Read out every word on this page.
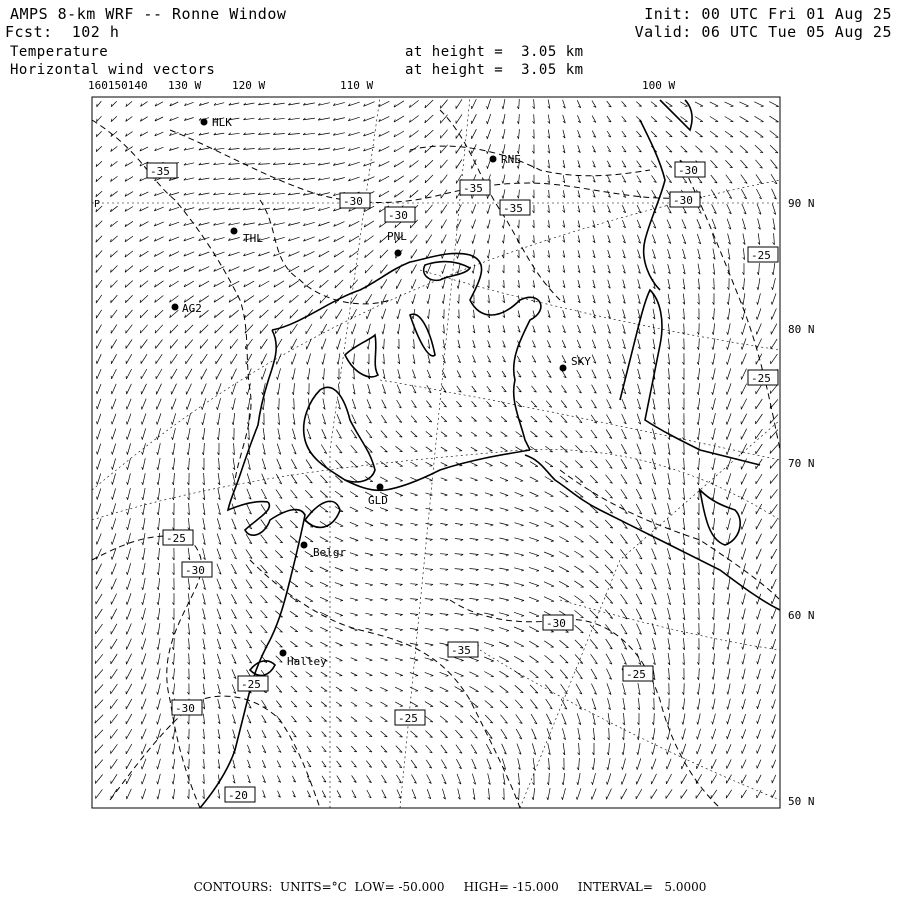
HLK
RNE
THL	PNL
AG2
SKY
GLD
Belgr
Halley
-35
-35
-30
-30
-35
-30
-30
-25
-25
-30
-30
-35
-25
-25
-30
-25
-25
-20
160150140 130 W	120 W	110 W	100 W
90 N
80 N
70 N
60 N
50 N
P
AMPS 8-km WRF -- Ronne Window
Fcst:  102 h
Init: 00 UTC Fri 01 Aug 25
Valid: 06 UTC Tue 05 Aug 25
Temperature
Horizontal wind vectors
at height =  3.05 km
at height =  3.05 km
CONTOURS:  UNITS=°C  LOW= -50.000     HIGH= -15.000     INTERVAL=   5.0000
